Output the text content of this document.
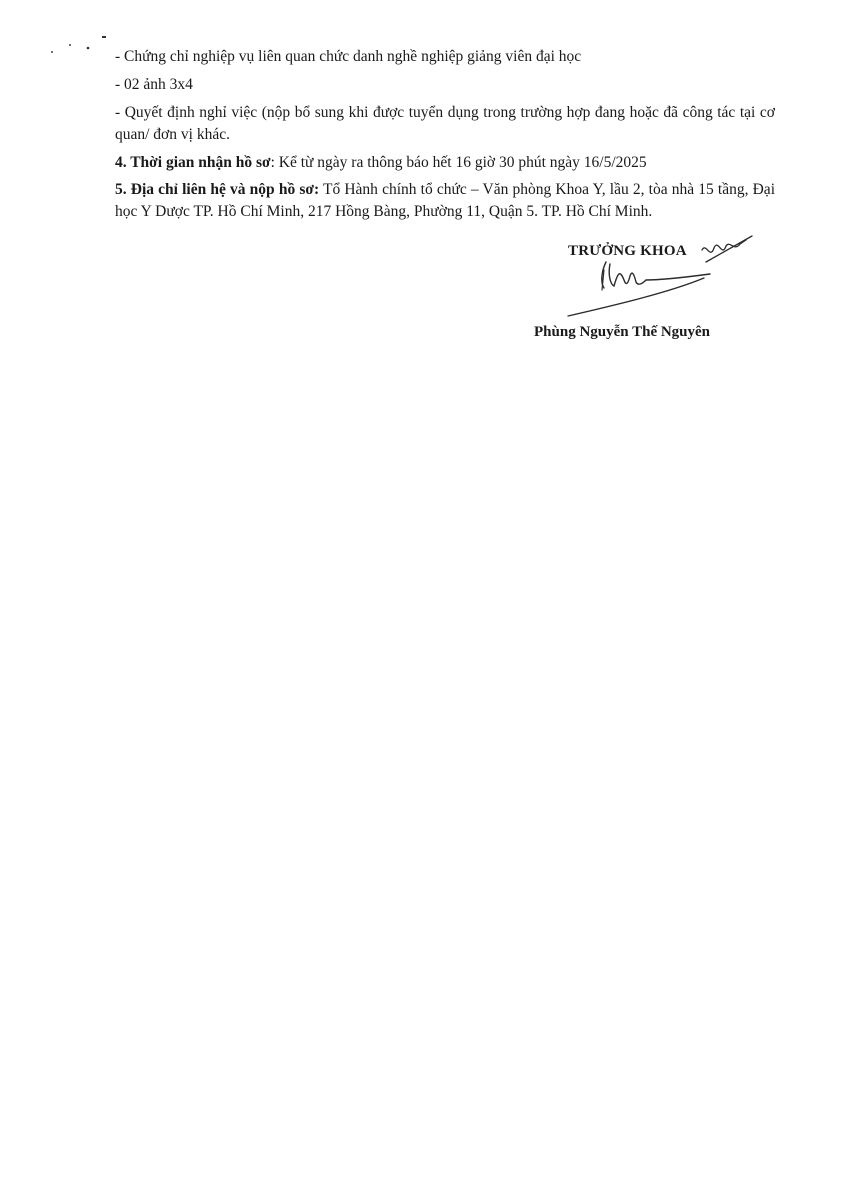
- Chứng chỉ nghiệp vụ liên quan chức danh nghề nghiệp giảng viên đại học

- 02 ảnh 3x4

- Quyết định nghỉ việc (nộp bổ sung khi được tuyển dụng trong trường hợp đang hoặc đã công tác tại cơ quan/ đơn vị khác.

4. Thời gian nhận hồ sơ: Kể từ ngày ra thông báo hết 16 giờ 30 phút ngày 16/5/2025

5. Địa chỉ liên hệ và nộp hồ sơ: Tổ Hành chính tổ chức – Văn phòng Khoa Y, lầu 2, tòa nhà 15 tầng, Đại học Y Dược TP. Hồ Chí Minh, 217 Hồng Bàng, Phường 11, Quận 5. TP. Hồ Chí Minh.

TRƯỞNG KHOA
Phùng Nguyễn Thế Nguyên
